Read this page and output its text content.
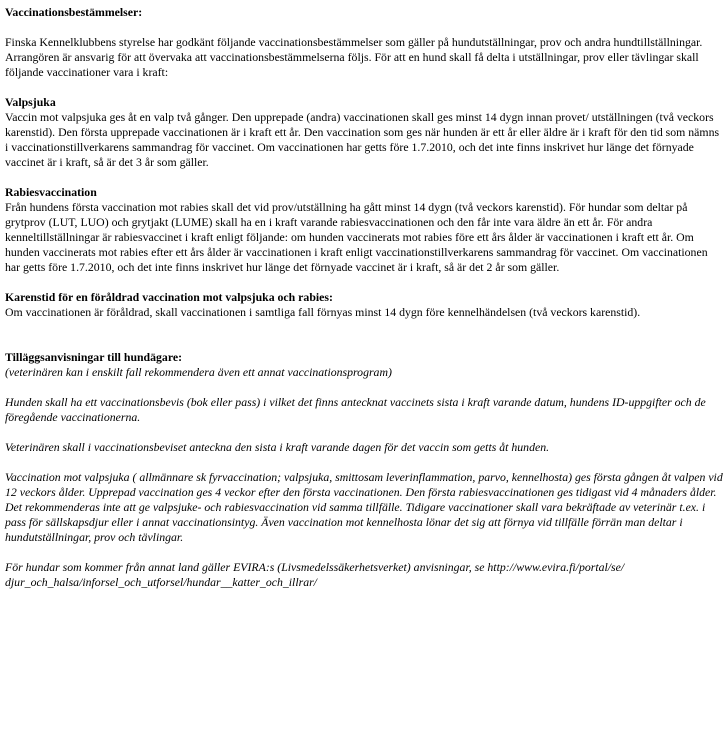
Vaccinationsbestämmelser:
Finska Kennelklubbens styrelse har godkänt följande vaccinationsbestämmelser som gäller på hundutställningar, prov och andra hundtillställningar. Arrangören är ansvarig för att övervaka att vaccinationsbestämmelserna följs. För att en hund skall få delta i utställningar, prov eller tävlingar skall följande vaccinationer vara i kraft:
Valpsjuka
Vaccin mot valpsjuka ges åt en valp två gånger. Den upprepade (andra) vaccinationen skall ges minst 14 dygn innan provet/ utställningen (två veckors karenstid). Den första upprepade vaccinationen är i kraft ett år. Den vaccination som ges när hunden är ett år eller äldre är i kraft för den tid som nämns i vaccinationstillverkarens sammandrag för vaccinet. Om vaccinationen har getts före 1.7.2010, och det inte finns inskrivet hur länge det förnyade vaccinet är i kraft, så är det 3 år som gäller.
Rabiesvaccination
Från hundens första vaccination mot rabies skall det vid prov/utställning ha gått minst 14 dygn (två veckors karenstid). För hundar som deltar på grytprov (LUT, LUO) och grytjakt (LUME) skall ha en i kraft varande rabiesvaccinationen och den får inte vara äldre än ett år. För andra kenneltillställningar är rabiesvaccinet i kraft enligt följande: om hunden vaccinerats mot rabies före ett års ålder är vaccinationen i kraft ett år. Om hunden vaccinerats mot rabies efter ett års ålder är vaccinationen i kraft enligt vaccinationstillverkarens sammandrag för vaccinet. Om vaccinationen har getts före 1.7.2010, och det inte finns inskrivet hur länge det förnyade vaccinet är i kraft, så är det 2 år som gäller.
Karenstid för en föråldrad vaccination mot valpsjuka och rabies:
Om vaccinationen är föråldrad, skall vaccinationen i samtliga fall förnyas minst 14 dygn före kennelhändelsen (två veckors karenstid).
Tilläggsanvisningar till hundägare:
(veterinären kan i enskilt fall rekommendera även ett annat vaccinationsprogram)
Hunden skall ha ett vaccinationsbevis (bok eller pass) i vilket det finns antecknat vaccinets sista i kraft varande datum, hundens ID-uppgifter och de föregående vaccinationerna.
Veterinären skall i vaccinationsbeviset anteckna den sista i kraft varande dagen för det vaccin som getts åt hunden.
Vaccination mot valpsjuka ( allmännare sk fyrvaccination; valpsjuka, smittosam leverinflammation, parvo, kennelhosta) ges första gången åt valpen vid 12 veckors ålder. Upprepad vaccination ges 4 veckor efter den första vaccinationen. Den första rabiesvaccinationen ges tidigast vid 4 månaders ålder. Det rekommenderas inte att ge valpsjuke- och rabiesvaccination vid samma tillfälle. Tidigare vaccinationer skall vara bekräftade av veterinär t.ex. i pass för sällskapsdjur eller i annat vaccinationsintyg. Även vaccination mot kennelhosta lönar det sig att förnya vid tillfälle förrän man deltar i hundutställningar, prov och tävlingar.
För hundar som kommer från annat land gäller EVIRA:s (Livsmedelssäkerhetsverket) anvisningar, se http://www.evira.fi/portal/se/ djur_och_halsa/inforsel_och_utforsel/hundar__katter_och_illrar/
